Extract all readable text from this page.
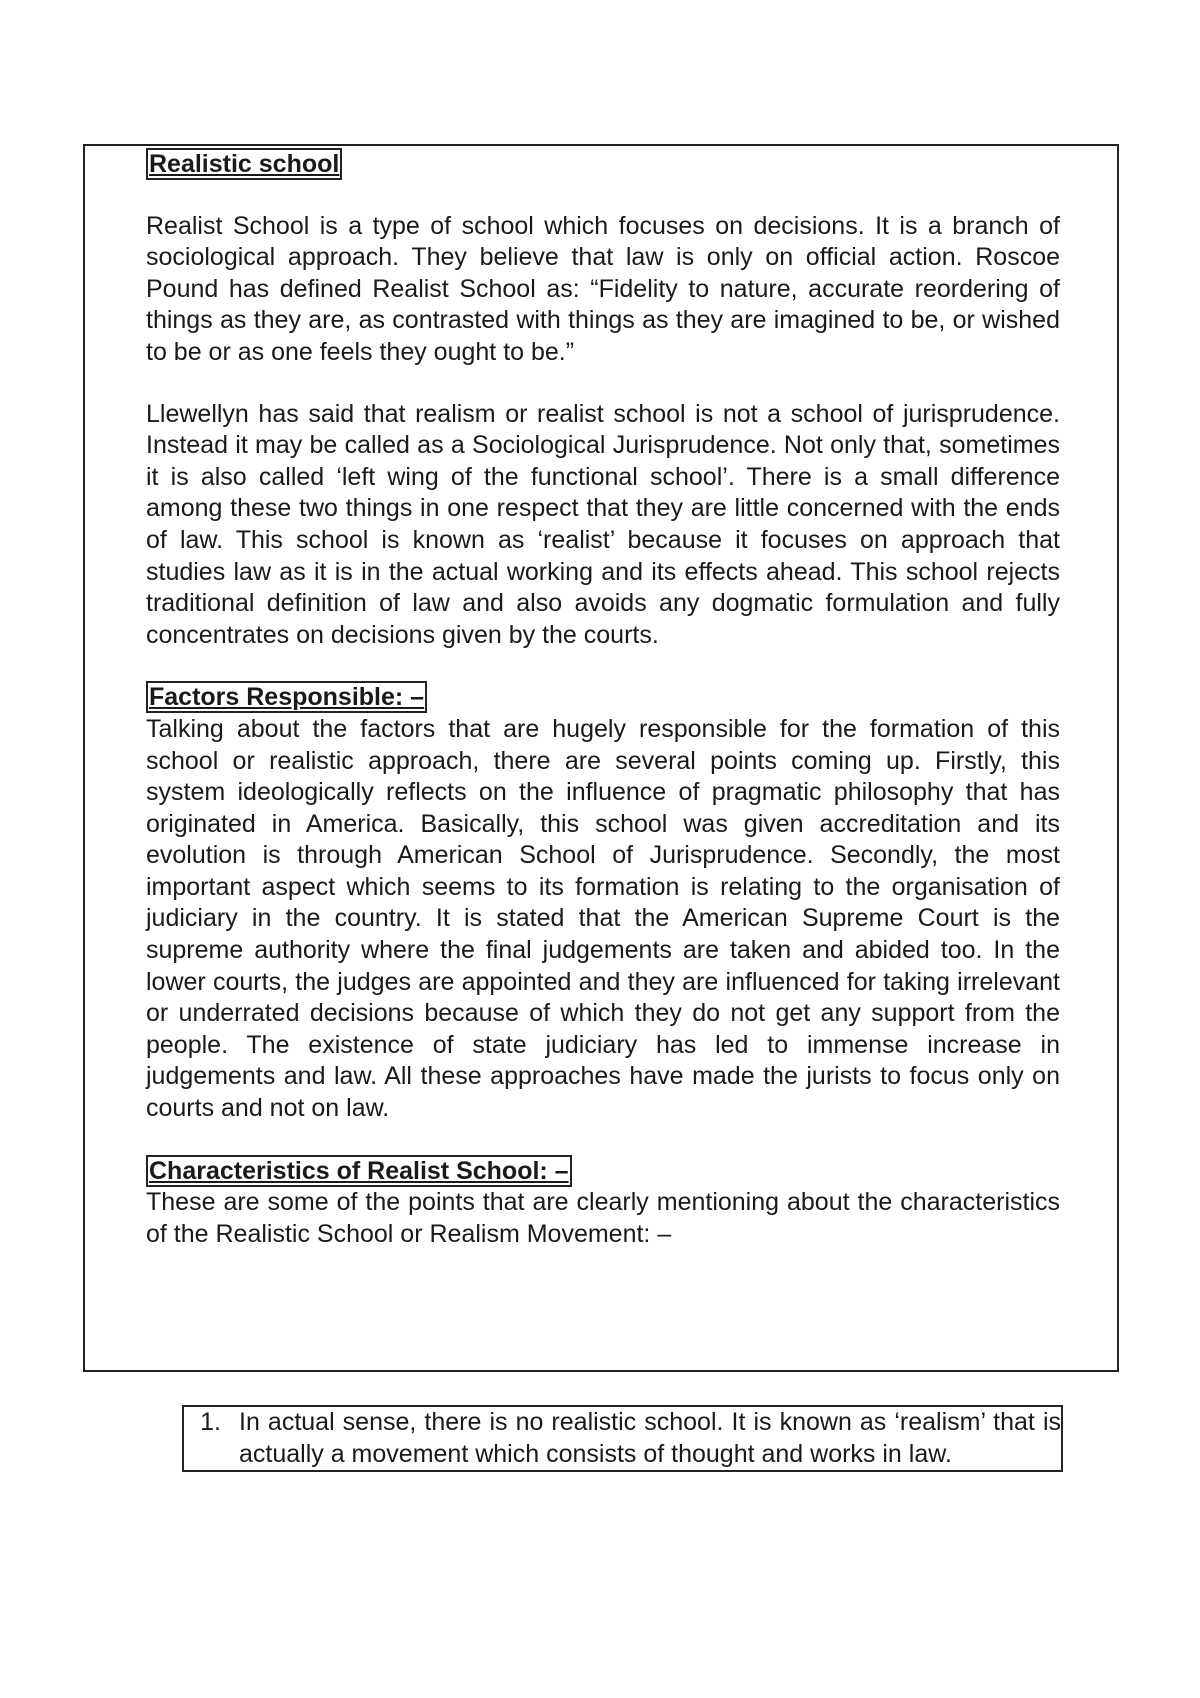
Realistic school

Realist School is a type of school which focuses on decisions. It is a branch of sociological approach. They believe that law is only on official action. Roscoe Pound has defined Realist School as: “Fidelity to nature, accurate reordering of things as they are, as contrasted with things as they are imagined to be, or wished to be or as one feels they ought to be.”

Llewellyn has said that realism or realist school is not a school of jurisprudence. Instead it may be called as a Sociological Jurisprudence. Not only that, sometimes it is also called ‘left wing of the functional school’. There is a small difference among these two things in one respect that they are little concerned with the ends of law. This school is known as ‘realist’ because it focuses on approach that studies law as it is in the actual working and its effects ahead. This school rejects traditional definition of law and also avoids any dogmatic formulation and fully concentrates on decisions given by the courts.

Factors Responsible: –

Talking about the factors that are hugely responsible for the formation of this school or realistic approach, there are several points coming up. Firstly, this system ideologically reflects on the influence of pragmatic philosophy that has originated in America. Basically, this school was given accreditation and its evolution is through American School of Jurisprudence. Secondly, the most important aspect which seems to its formation is relating to the organisation of judiciary in the country. It is stated that the American Supreme Court is the supreme authority where the final judgements are taken and abided too. In the lower courts, the judges are appointed and they are influenced for taking irrelevant or underrated decisions because of which they do not get any support from the people. The existence of state judiciary has led to immense increase in judgements and law. All these approaches have made the jurists to focus only on courts and not on law.

Characteristics of Realist School: –

These are some of the points that are clearly mentioning about the characteristics of the Realistic School or Realism Movement: –

1. In actual sense, there is no realistic school. It is known as ‘realism’ that is actually a movement which consists of thought and works in law.
